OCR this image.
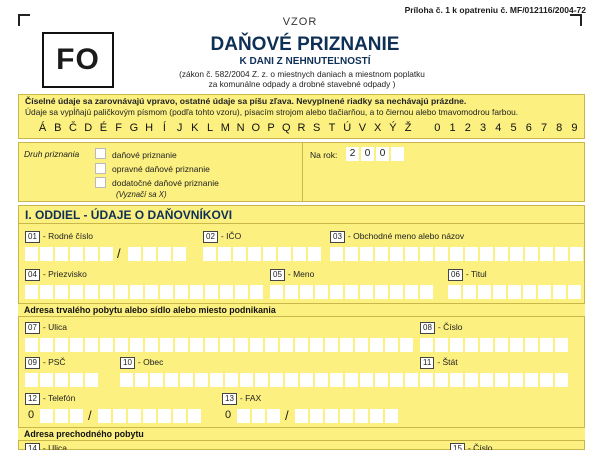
Príloha č. 1 k opatreniu č. MF/012116/2004-72
FO
VZOR
DAŇOVÉ PRIZNANIE
K DANI Z NEHNUTEĽNOSTÍ
(zákon č. 582/2004 Z. z. o miestnych daniach a miestnom poplatku
za komunálne odpady a drobné stavebné odpady )
Číselné údaje sa zarovnávajú vpravo, ostatné údaje sa píšu zľava. Nevyplnené riadky sa nechávajú prázdne.
Údaje sa vypĺňajú paličkovým písmom (podľa tohto vzoru), písacím strojom alebo tlačiarňou, a to čiernou alebo tmavomodrou farbou.
Á B Č D É F G H Í J K L M N O P Q R S T Ú V X Ý Ž	0 1 2 3 4 5 6 7 8 9
Druh priznania	daňové priznanie
opravné daňové priznanie
dodatočné daňové priznanie
(Vyznačí sa X)
Na rok:	2 0 0
I. ODDIEL - ÚDAJE O DAŇOVNÍKOVI
01 - Rodné číslo	02 - IČO	03 - Obchodné meno alebo názov
/
04 - Priezvisko	05 - Meno	06 - Titul
Adresa trvalého pobytu alebo sídlo alebo miesto podnikania
07 - Ulica	08 - Číslo
09 - PSČ	10 - Obec	11 - Štát
12 - Telefón	13 - FAX
0	/	0	/
Adresa prechodného pobytu
14 - Ulica	15 - Číslo
